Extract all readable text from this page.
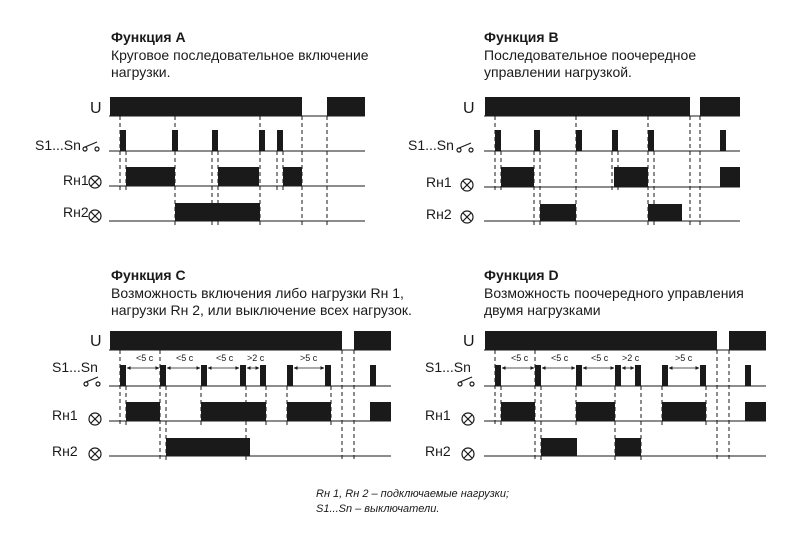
Функция А
Круговое последовательное включение
нагрузки.
U
S1...Sn
Rн1
Rн2
Функция В
Последовательное поочередное
управлении нагрузкой.
U
S1...Sn
Rн1
Rн2
Функция С
Возможность включения либо нагрузки Rн 1,
нагрузки Rн 2, или выключение всех нагрузок.
U
S1...Sn
Rн1
Rн2
<5 с	<5 с	<5 с >2 с	>5 с
Функция D
Возможность поочередного управления
двумя нагрузками
U
S1...Sn
Rн1
Rн2
<5 с	<5 с	<5 с >2 с	>5 с
Rн 1, Rн 2 – подключаемые нагрузки;
S1...Sn – выключатели.
